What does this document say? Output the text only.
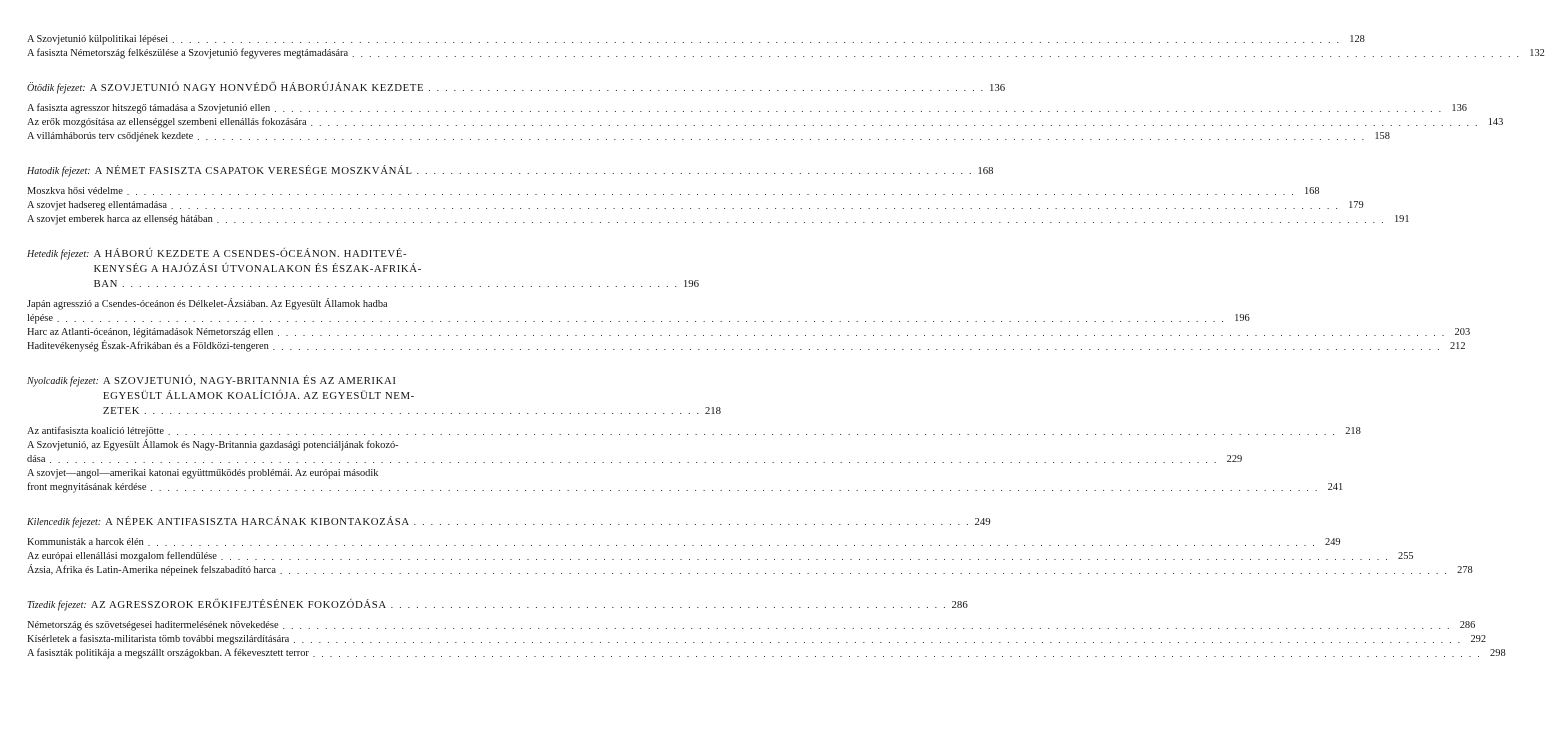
A Szovjetunió külpolitikai lépései . . .	128
A fasiszta Németország felkészülése a Szovjetunió fegyveres megtámadására . . .	132
Ötödik fejezet: A SZOVJETUNIÓ NAGY HONVÉDŐ HÁBORÚJÁNAK KEZDETE . . .	136
A fasiszta agresszor hitszegő támadása a Szovjetunió ellen . . .	136
Az erők mozgósítása az ellenséggel szembeni ellenállás fokozására . . .	143
A villámháborús terv csődjének kezdete . . .	158
Hatodik fejezet: A NÉMET FASISZTA CSAPATOK VERESÉGE MOSZKVÁNÁL . . .	168
Moszkva hősi védelme . . .	168
A szovjet hadsereg ellentámadása . . .	179
A szovjet emberek harca az ellenség hátában . . .	191
Hetedik fejezet: A HÁBORÚ KEZDETE A CSENDES-ÓCEÁNON. HADITEVÉ-
KENYSÉG A HAJÓZÁSI ÚTVONALAKON ÉS ÉSZAK-AFRIKÁ-
BAN . . .	196
Japán agresszió a Csendes-óceánon és Délkelet-Ázsiában. Az Egyesült Államok hadba
lépése . . .	196
Harc az Atlanti-óceánon, légitámadások Németország ellen . . .	203
Haditevékenység Észak-Afrikában és a Földközi-tengeren . . .	212
Nyolcadik fejezet: A SZOVJETUNIÓ, NAGY-BRITANNIA ÉS AZ AMERIKAI
EGYESÜLT ÁLLAMOK KOALÍCIÓJA. AZ EGYESÜLT NEM-
ZETEK . . .	218
Az antifasiszta koalíció létrejötte . . .	218
A Szovjetunió, az Egyesült Államok és Nagy-Britannia gazdasági potenciáljának fokozó-
dása . . .	229
A szovjet—angol—amerikai katonai együttműködés problémái. Az európai második
front megnyitásának kérdése . . .	241
Kilencedik fejezet: A NÉPEK ANTIFASISZTA HARCÁNAK KIBONTAKOZÁSA . . .	249
Kommunisták a harcok élén . . .	249
Az európai ellenállási mozgalom fellendülése . . .	255
Ázsia, Afrika és Latin-Amerika népeinek felszabadító harca . . .	278
Tizedik fejezet: AZ AGRESSZOROK ERŐKIFEJTÉSÉNEK FOKOZÓDÁSA . . .	286
Németország és szövetségesei haditermelésének növekedése . . .	286
Kísérletek a fasiszta-militarista tömb további megszilárdítására . . .	292
A fasiszták politikája a megszállt országokban. A fékevesztett terror . . .	298
